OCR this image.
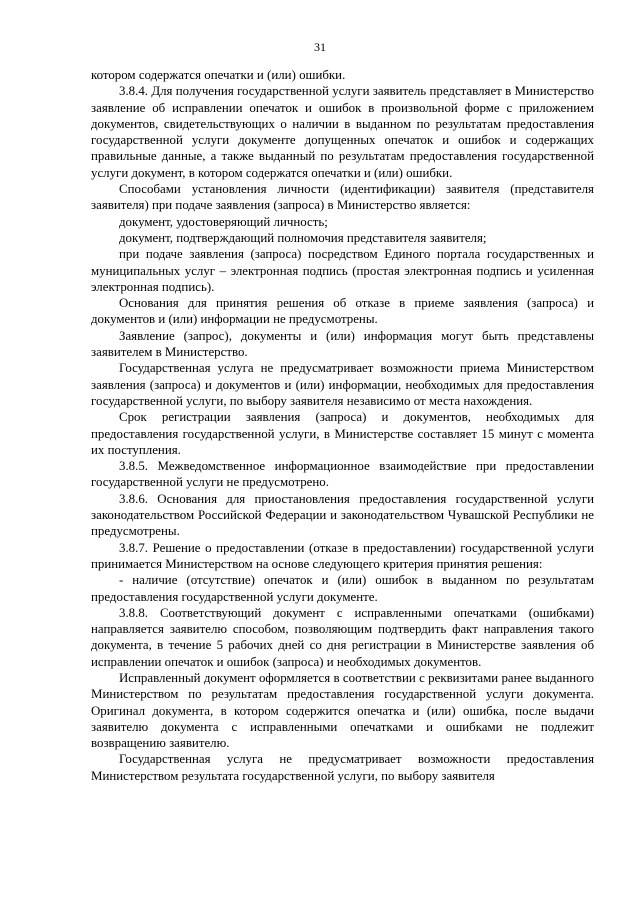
31

котором содержатся опечатки и (или) ошибки.

3.8.4. Для получения государственной услуги заявитель представляет в Министерство заявление об исправлении опечаток и ошибок в произвольной форме с приложением документов, свидетельствующих о наличии в выданном по результатам предоставления государственной услуги документе допущенных опечаток и ошибок и содержащих правильные данные, а также выданный по результатам предоставления государственной услуги документ, в котором содержатся опечатки и (или) ошибки.

Способами установления личности (идентификации) заявителя (представителя заявителя) при подаче заявления (запроса) в Министерство является:

документ, удостоверяющий личность;

документ, подтверждающий полномочия представителя заявителя;

при подаче заявления (запроса) посредством Единого портала государственных и муниципальных услуг – электронная подпись (простая электронная подпись и усиленная электронная подпись).

Основания для принятия решения об отказе в приеме заявления (запроса) и документов и (или) информации не предусмотрены.

Заявление (запрос), документы и (или) информация могут быть представлены заявителем в Министерство.

Государственная услуга не предусматривает возможности приема Министерством заявления (запроса) и документов и (или) информации, необходимых для предоставления государственной услуги, по выбору заявителя независимо от места нахождения.

Срок регистрации заявления (запроса) и документов, необходимых для предоставления государственной услуги, в Министерстве составляет 15 минут с момента их поступления.

3.8.5. Межведомственное информационное взаимодействие при предоставлении государственной услуги не предусмотрено.

3.8.6. Основания для приостановления предоставления государственной услуги законодательством Российской Федерации и законодательством Чувашской Республики не предусмотрены.

3.8.7. Решение о предоставлении (отказе в предоставлении) государственной услуги принимается Министерством на основе следующего критерия принятия решения:

- наличие (отсутствие) опечаток и (или) ошибок в выданном по результатам предоставления государственной услуги документе.

3.8.8. Соответствующий документ с исправленными опечатками (ошибками) направляется заявителю способом, позволяющим подтвердить факт направления такого документа, в течение 5 рабочих дней со дня регистрации в Министерстве заявления об исправлении опечаток и ошибок (запроса) и необходимых документов.

Исправленный документ оформляется в соответствии с реквизитами ранее выданного Министерством по результатам предоставления государственной услуги документа. Оригинал документа, в котором содержится опечатка и (или) ошибка, после выдачи заявителю документа с исправленными опечатками и ошибками не подлежит возвращению заявителю.

Государственная услуга не предусматривает возможности предоставления Министерством результата государственной услуги, по выбору заявителя
